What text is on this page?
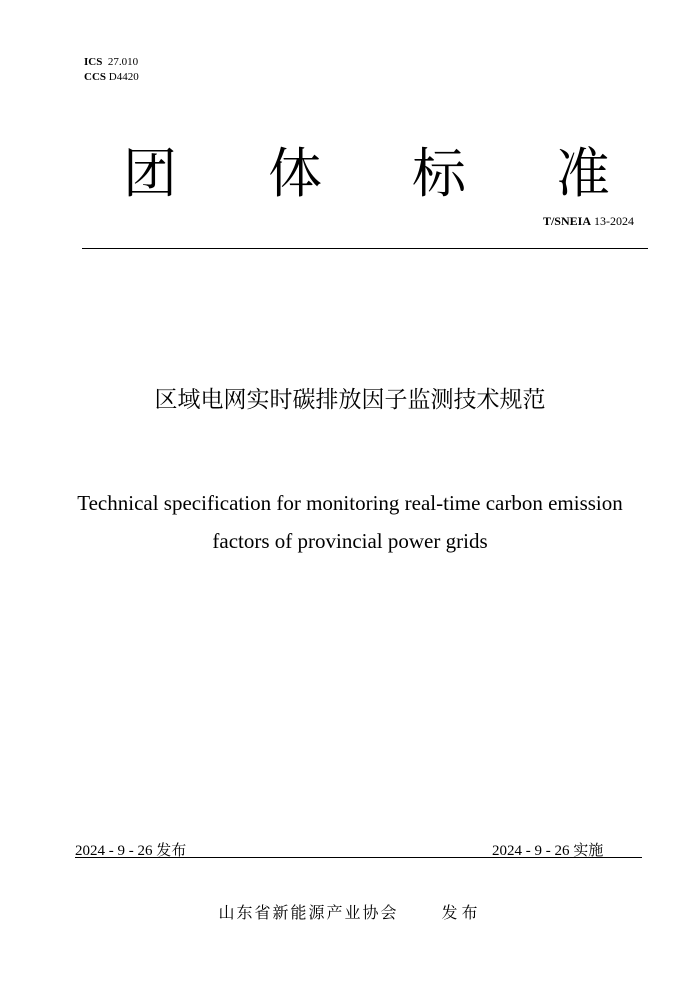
ICS 27.010
CCS D4420
团 体 标 准
T/SNEIA 13-2024
区域电网实时碳排放因子监测技术规范
Technical specification for monitoring real-time carbon emission
factors of provincial power grids
2024 - 9 - 26 发布	2024 - 9 - 26 实施
山东省新能源产业协会	发布
